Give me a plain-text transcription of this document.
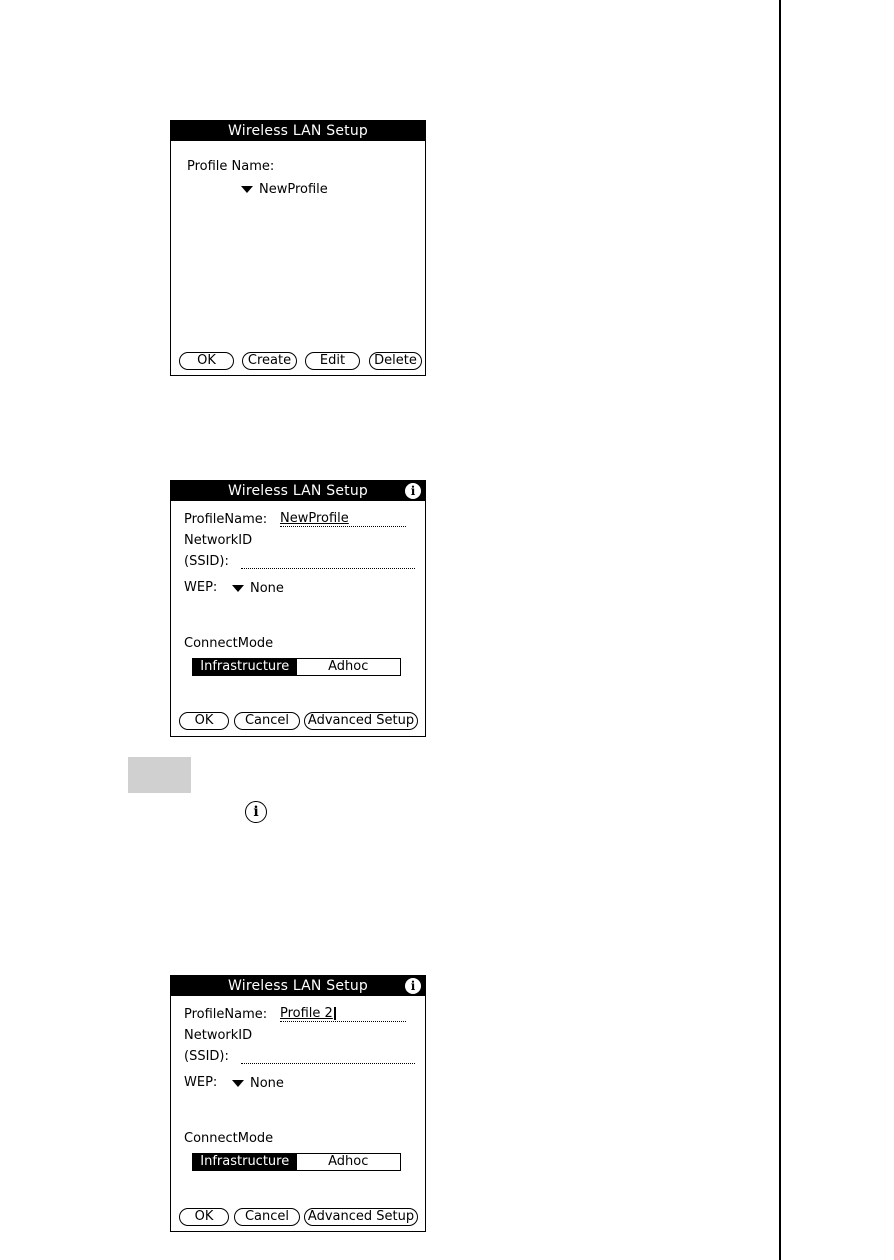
Wireless LAN Setup
Profile Name:
NewProfile
OK	Create	Edit	Delete
Wireless LAN Setup	i
ProfileName: NewProfile
NetworkID
(SSID):
WEP:	None
ConnectMode
Infrastructure	Adhoc
OK	Cancel	Advanced Setup
i
Wireless LAN Setup	i
ProfileName: Profile 2
NetworkID
(SSID):
WEP:	None
ConnectMode
Infrastructure	Adhoc
OK	Cancel	Advanced Setup
